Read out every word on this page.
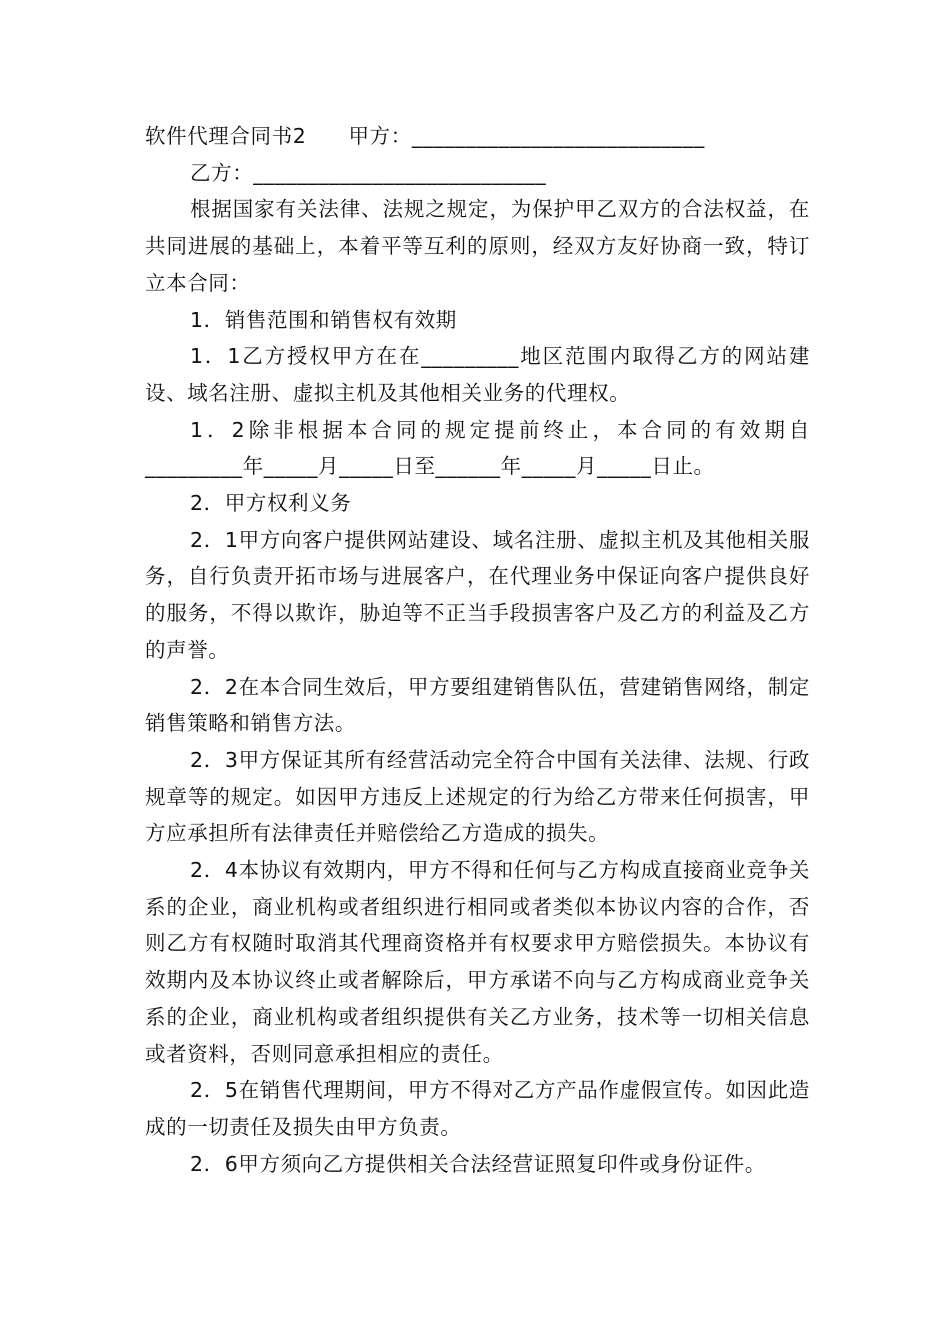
软件代理合同书2　　甲方：___________________________

乙方：___________________________

根据国家有关法律、法规之规定，为保护甲乙双方的合法权益，在共同进展的基础上，本着平等互利的原则，经双方友好协商一致，特订立本合同：

1．销售范围和销售权有效期

1．1乙方授权甲方在在_________地区范围内取得乙方的网站建设、域名注册、虚拟主机及其他相关业务的代理权。

1．2除非根据本合同的规定提前终止，本合同的有效期自_________年_____月_____日至______年_____月_____日止。

2．甲方权利义务

2．1甲方向客户提供网站建设、域名注册、虚拟主机及其他相关服务，自行负责开拓市场与进展客户，在代理业务中保证向客户提供良好的服务，不得以欺诈，胁迫等不正当手段损害客户及乙方的利益及乙方的声誉。

2．2在本合同生效后，甲方要组建销售队伍，营建销售网络，制定销售策略和销售方法。

2．3甲方保证其所有经营活动完全符合中国有关法律、法规、行政规章等的规定。如因甲方违反上述规定的行为给乙方带来任何损害，甲方应承担所有法律责任并赔偿给乙方造成的损失。

2．4本协议有效期内，甲方不得和任何与乙方构成直接商业竞争关系的企业，商业机构或者组织进行相同或者类似本协议内容的合作，否则乙方有权随时取消其代理商资格并有权要求甲方赔偿损失。本协议有效期内及本协议终止或者解除后，甲方承诺不向与乙方构成商业竞争关系的企业，商业机构或者组织提供有关乙方业务，技术等一切相关信息或者资料，否则同意承担相应的责任。

2．5在销售代理期间，甲方不得对乙方产品作虚假宣传。如因此造成的一切责任及损失由甲方负责。

2．6甲方须向乙方提供相关合法经营证照复印件或身份证件。
